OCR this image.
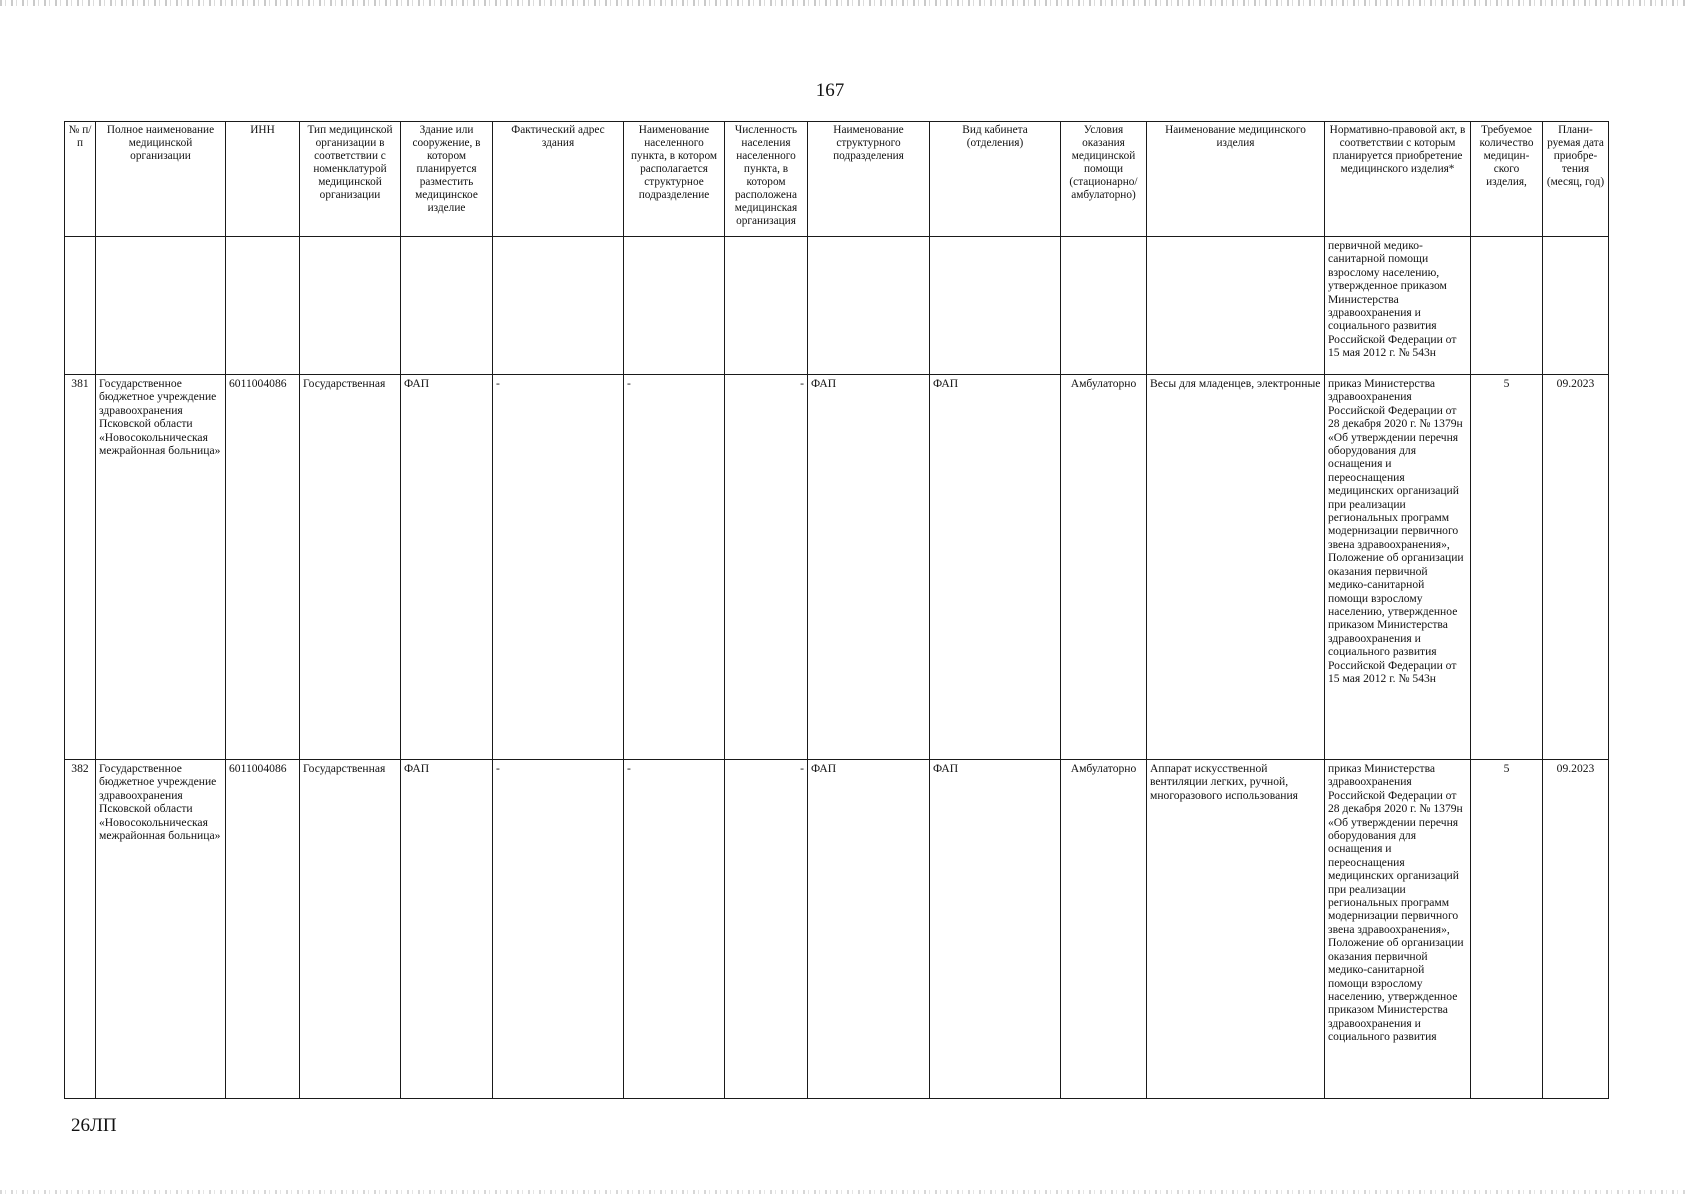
167
№ п/п	Полное наименование медицинской организации	ИНН	Тип медицинской организации в соответствии с номенклатурой медицинской организации	Здание или сооружение, в котором планируется разместить медицинское изделие	Фактический адрес здания	Наименование населенного пункта, в котором располагается структурное подразделение	Численность населения населенного пункта, в котором расположена медицинская организация	Наименование структурного подразделения	Вид кабинета (отделения)	Условия оказания медицинской помощи (стационарно/ амбулаторно)	Наименование медицинского изделия	Нормативно-правовой акт, в соответствии с которым планируется приобретение медицинского изделия*	Требуемое количество медицин-ского изделия,	Плани-руемая дата приобре-тения (месяц, год)
												первичной медико-санитарной помощи взрослому населению, утвержденное приказом Министерства здравоохранения и социального развития Российской Федерации от 15 мая 2012 г. № 543н		
381	Государственное бюджетное учреждение здравоохранения Псковской области «Новосокольническая межрайонная больница»	6011004086	Государственная	ФАП	-	-	-	ФАП	ФАП	Амбулаторно	Весы для младенцев, электронные	приказ Министерства здравоохранения Российской Федерации от 28 декабря 2020 г. № 1379н «Об утверждении перечня оборудования для оснащения и переоснащения медицинских организаций при реализации региональных программ модернизации первичного звена здравоохранения», Положение об организации оказания первичной медико-санитарной помощи взрослому населению, утвержденное приказом Министерства здравоохранения и социального развития Российской Федерации от 15 мая 2012 г. № 543н	5	09.2023
382	Государственное бюджетное учреждение здравоохранения Псковской области «Новосокольническая межрайонная больница»	6011004086	Государственная	ФАП	-	-	-	ФАП	ФАП	Амбулаторно	Аппарат искусственной вентиляции легких, ручной, многоразового использования	приказ Министерства здравоохранения Российской Федерации от 28 декабря 2020 г. № 1379н «Об утверждении перечня оборудования для оснащения и переоснащения медицинских организаций при реализации региональных программ модернизации первичного звена здравоохранения», Положение об организации оказания первичной медико-санитарной помощи взрослому населению, утвержденное приказом Министерства здравоохранения и социального развития	5	09.2023
26ЛП
